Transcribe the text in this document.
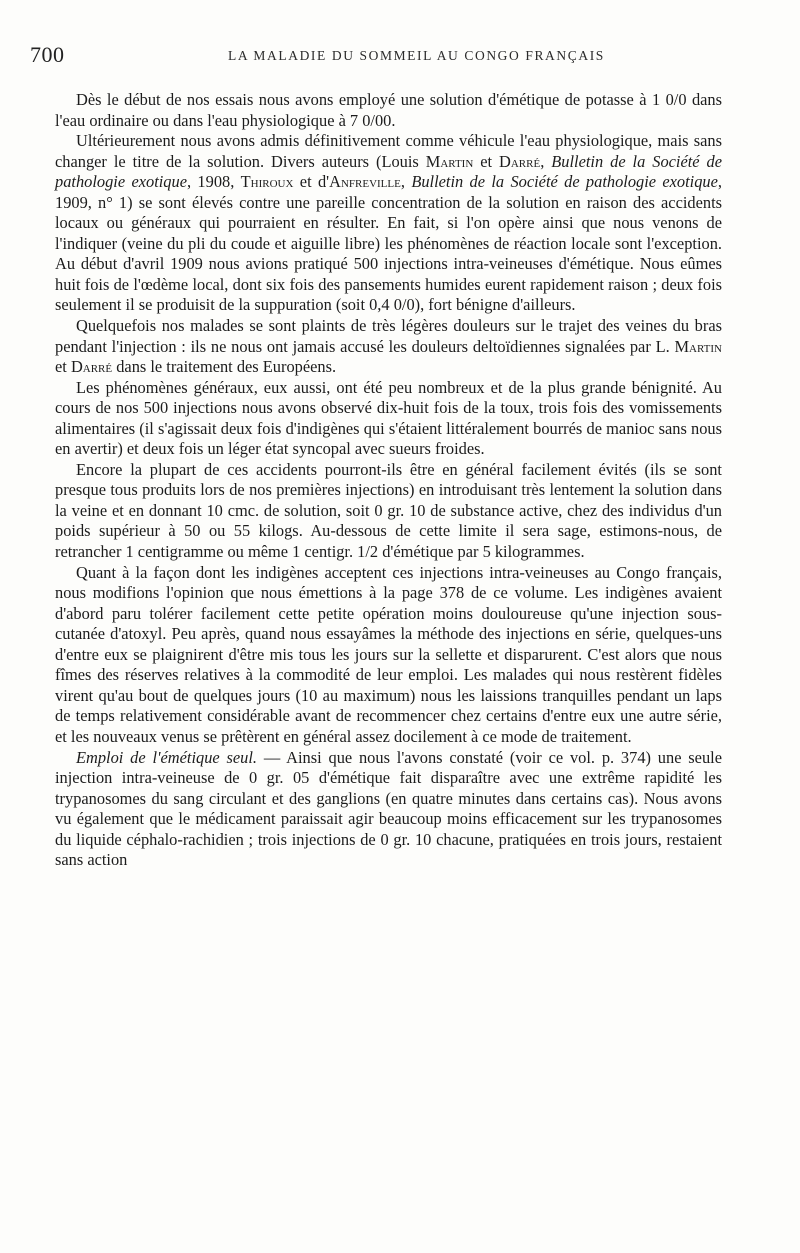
700	LA MALADIE DU SOMMEIL AU CONGO FRANÇAIS

Dès le début de nos essais nous avons employé une solution d'émétique de potasse à 1 0/0 dans l'eau ordinaire ou dans l'eau physiologique à 7 0/00.

Ultérieurement nous avons admis définitivement comme véhicule l'eau physiologique, mais sans changer le titre de la solution. Divers auteurs (Louis Martin et Darré, Bulletin de la Société de pathologie exotique, 1908, Thiroux et d'Anfreville, Bulletin de la Société de pathologie exotique, 1909, n° 1) se sont élevés contre une pareille concentration de la solution en raison des accidents locaux ou généraux qui pourraient en résulter. En fait, si l'on opère ainsi que nous venons de l'indiquer (veine du pli du coude et aiguille libre) les phénomènes de réaction locale sont l'exception. Au début d'avril 1909 nous avions pratiqué 500 injections intra-veineuses d'émétique. Nous eûmes huit fois de l'œdème local, dont six fois des pansements humides eurent rapidement raison ; deux fois seulement il se produisit de la suppuration (soit 0,4 0/0), fort bénigne d'ailleurs.

Quelquefois nos malades se sont plaints de très légères douleurs sur le trajet des veines du bras pendant l'injection : ils ne nous ont jamais accusé les douleurs deltoïdiennes signalées par L. Martin et Darré dans le traitement des Européens.

Les phénomènes généraux, eux aussi, ont été peu nombreux et de la plus grande bénignité. Au cours de nos 500 injections nous avons observé dix-huit fois de la toux, trois fois des vomissements alimentaires (il s'agissait deux fois d'indigènes qui s'étaient littéralement bourrés de manioc sans nous en avertir) et deux fois un léger état syncopal avec sueurs froides.

Encore la plupart de ces accidents pourront-ils être en général facilement évités (ils se sont presque tous produits lors de nos premières injections) en introduisant très lentement la solution dans la veine et en donnant 10 cmc. de solution, soit 0 gr. 10 de substance active, chez des individus d'un poids supérieur à 50 ou 55 kilogs. Au-dessous de cette limite il sera sage, estimons-nous, de retrancher 1 centigramme ou même 1 centigr. 1/2 d'émétique par 5 kilogrammes.

Quant à la façon dont les indigènes acceptent ces injections intra-veineuses au Congo français, nous modifions l'opinion que nous émettions à la page 378 de ce volume. Les indigènes avaient d'abord paru tolérer facilement cette petite opération moins douloureuse qu'une injection sous-cutanée d'atoxyl. Peu après, quand nous essayâmes la méthode des injections en série, quelques-uns d'entre eux se plaignirent d'être mis tous les jours sur la sellette et disparurent. C'est alors que nous fîmes des réserves relatives à la commodité de leur emploi. Les malades qui nous restèrent fidèles virent qu'au bout de quelques jours (10 au maximum) nous les laissions tranquilles pendant un laps de temps relativement considérable avant de recommencer chez certains d'entre eux une autre série, et les nouveaux venus se prêtèrent en général assez docilement à ce mode de traitement.

Emploi de l'émétique seul. — Ainsi que nous l'avons constaté (voir ce vol. p. 374) une seule injection intra-veineuse de 0 gr. 05 d'émétique fait disparaître avec une extrême rapidité les trypanosomes du sang circulant et des ganglions (en quatre minutes dans certains cas). Nous avons vu également que le médicament paraissait agir beaucoup moins efficacement sur les trypanosomes du liquide céphalo-rachidien ; trois injections de 0 gr. 10 chacune, pratiquées en trois jours, restaient sans action
